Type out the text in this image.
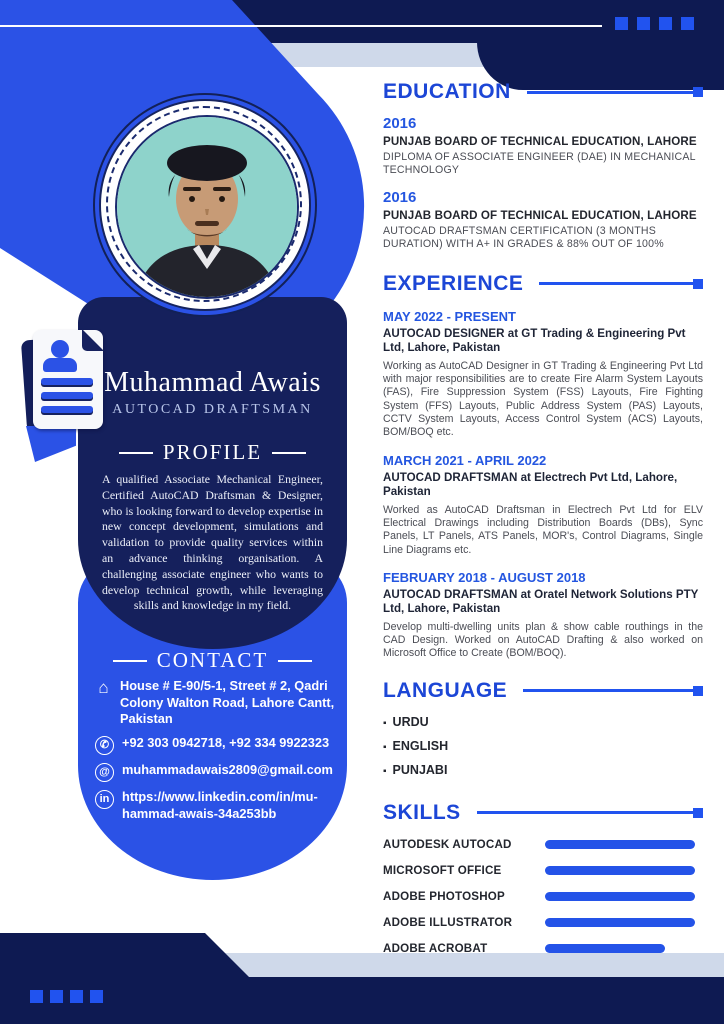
Muhammad Awais
AUTOCAD DRAFTSMAN
PROFILE
A qualified Associate Mechanical Engineer, Certified AutoCAD Draftsman & Designer, who is looking forward to develop expertise in new concept development, simulations and validation to provide quality services within an advance thinking organisation. A challenging associate engineer who wants to develop technical growth, while leveraging skills and knowledge in my field.
CONTACT
⌂ House # E-90/5-1, Street # 2, Qadri Colony Walton Road, Lahore Cantt, Pakistan
✆	+92 303 0942718, +92 334 9922323
@ muhammadawais2809@gmail.com
in https://www.linkedin.com/in/mu- hammad-awais-34a253bb
EDUCATION
2016
PUNJAB BOARD OF TECHNICAL EDUCATION, LAHORE
DIPLOMA OF ASSOCIATE ENGINEER (DAE) IN MECHANICAL TECHNOLOGY
2016
PUNJAB BOARD OF TECHNICAL EDUCATION, LAHORE
AUTOCAD DRAFTSMAN CERTIFICATION (3 MONTHS DURATION) WITH A+ IN GRADES & 88% OUT OF 100%
EXPERIENCE
MAY 2022 - PRESENT
AUTOCAD DESIGNER at GT Trading & Engineering Pvt Ltd, Lahore, Pakistan
Working as AutoCAD Designer in GT Trading & Engineering Pvt Ltd with major responsibilities are to create Fire Alarm System Layouts (FAS), Fire Suppression System (FSS) Layouts, Fire Fighting System (FFS) Layouts, Public Address System (PAS) Layouts, CCTV System Layouts, Access Control System (ACS) Layouts, BOM/BOQ etc.
MARCH 2021 - APRIL 2022
AUTOCAD DRAFTSMAN at Electrech Pvt Ltd, Lahore, Pakistan
Worked as AutoCAD Draftsman in Electrech Pvt Ltd for ELV Electrical Drawings including Distribution Boards (DBs), Sync Panels, LT Panels, ATS Panels, MOR's, Control Diagrams, Single Line Diagrams etc.
FEBRUARY 2018 - AUGUST 2018
AUTOCAD DRAFTSMAN at Oratel Network Solutions PTY Ltd, Lahore, Pakistan
Develop multi-dwelling units plan & show cable routhings in the CAD Design. Worked on AutoCAD Drafting & also worked on Microsoft Office to Create (BOM/BOQ).
LANGUAGE
▪ URDU
▪ ENGLISH
▪ PUNJABI
SKILLS
AUTODESK AUTOCAD
MICROSOFT OFFICE
ADOBE PHOTOSHOP
ADOBE ILLUSTRATOR
ADOBE ACROBAT
